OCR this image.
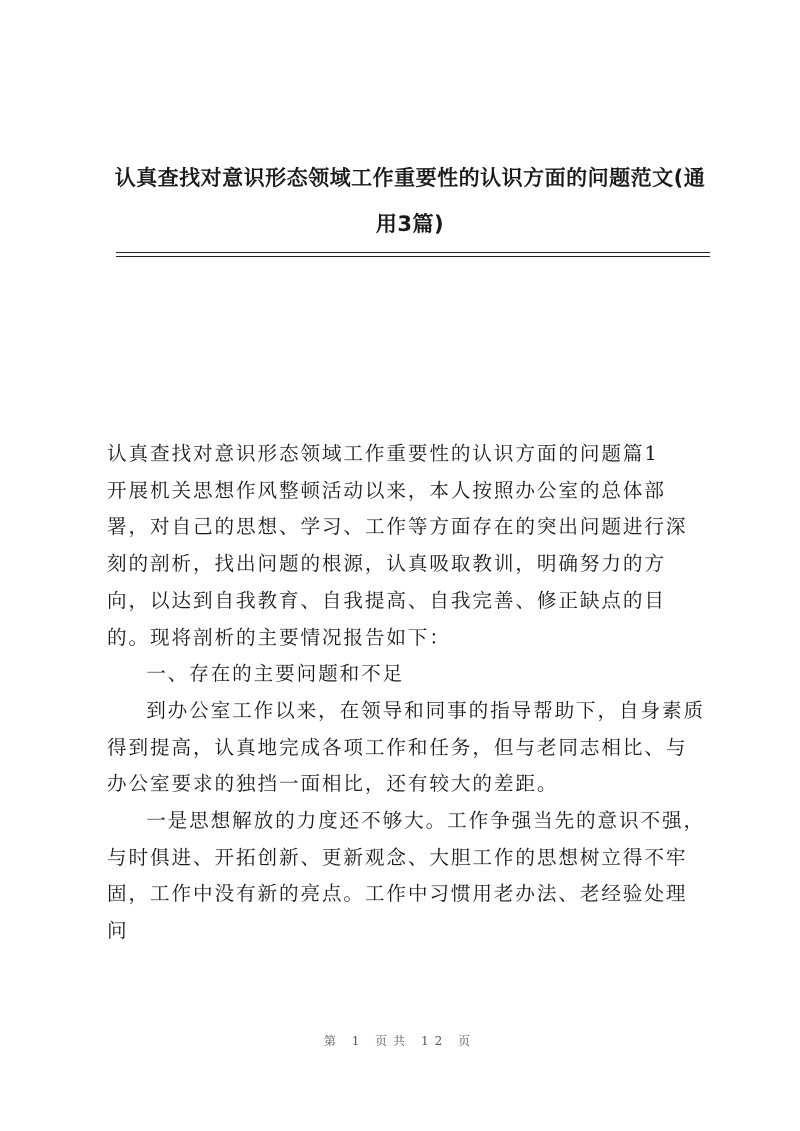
认真查找对意识形态领域工作重要性的认识方面的问题范文(通用3篇)

认真查找对意识形态领域工作重要性的认识方面的问题篇1

开展机关思想作风整顿活动以来，本人按照办公室的总体部署，对自己的思想、学习、工作等方面存在的突出问题进行深刻的剖析，找出问题的根源，认真吸取教训，明确努力的方向，以达到自我教育、自我提高、自我完善、修正缺点的目的。现将剖析的主要情况报告如下：

一、存在的主要问题和不足

到办公室工作以来，在领导和同事的指导帮助下，自身素质得到提高，认真地完成各项工作和任务，但与老同志相比、与办公室要求的独挡一面相比，还有较大的差距。

一是思想解放的力度还不够大。工作争强当先的意识不强，与时俱进、开拓创新、更新观念、大胆工作的思想树立得不牢固，工作中没有新的亮点。工作中习惯用老办法、老经验处理问

第 1 页共 12 页
